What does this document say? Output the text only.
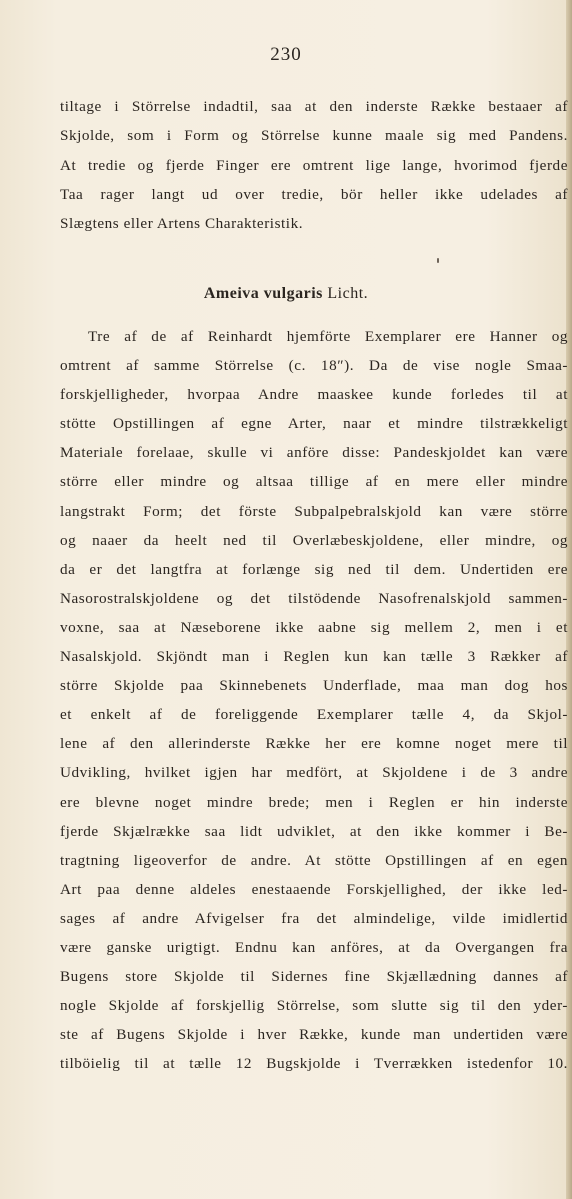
230
tiltage i Störrelse indadtil, saa at den inderste Række bestaaer af
Skjolde, som i Form og Störrelse kunne maale sig med Pandens.
At tredie og fjerde Finger ere omtrent lige lange, hvorimod fjerde
Taa rager langt ud over tredie, bör heller ikke udelades af
Slægtens eller Artens Charakteristik.
Ameiva vulgaris Licht.
Tre af de af Reinhardt hjemförte Exemplarer ere Hanner og
omtrent af samme Störrelse (c. 18″). Da de vise nogle Smaa-
forskjelligheder, hvorpaa Andre maaskee kunde forledes til at
stötte Opstillingen af egne Arter, naar et mindre tilstrækkeligt
Materiale forelaae, skulle vi anföre disse: Pandeskjoldet kan være
större eller mindre og altsaa tillige af en mere eller mindre
langstrakt Form; det förste Subpalpebralskjold kan være större
og naaer da heelt ned til Overlæbeskjoldene, eller mindre, og
da er det langtfra at forlænge sig ned til dem. Undertiden ere
Nasorostralskjoldene og det tilstödende Nasofrenalskjold sammen-
voxne, saa at Næseborene ikke aabne sig mellem 2, men i et
Nasalskjold. Skjöndt man i Reglen kun kan tælle 3 Rækker af
större Skjolde paa Skinnebenets Underflade, maa man dog hos
et enkelt af de foreliggende Exemplarer tælle 4, da Skjol-
lene af den allerinderste Række her ere komne noget mere til
Udvikling, hvilket igjen har medfört, at Skjoldene i de 3 andre
ere blevne noget mindre brede; men i Reglen er hin inderste
fjerde Skjælrække saa lidt udviklet, at den ikke kommer i Be-
tragtning ligeoverfor de andre. At stötte Opstillingen af en egen
Art paa denne aldeles enestaaende Forskjellighed, der ikke led-
sages af andre Afvigelser fra det almindelige, vilde imidlertid
være ganske urigtigt. Endnu kan anföres, at da Overgangen fra
Bugens store Skjolde til Sidernes fine Skjællædning dannes af
nogle Skjolde af forskjellig Störrelse, som slutte sig til den yder-
ste af Bugens Skjolde i hver Række, kunde man undertiden være
tilböielig til at tælle 12 Bugskjolde i Tverrækken istedenfor 10.
